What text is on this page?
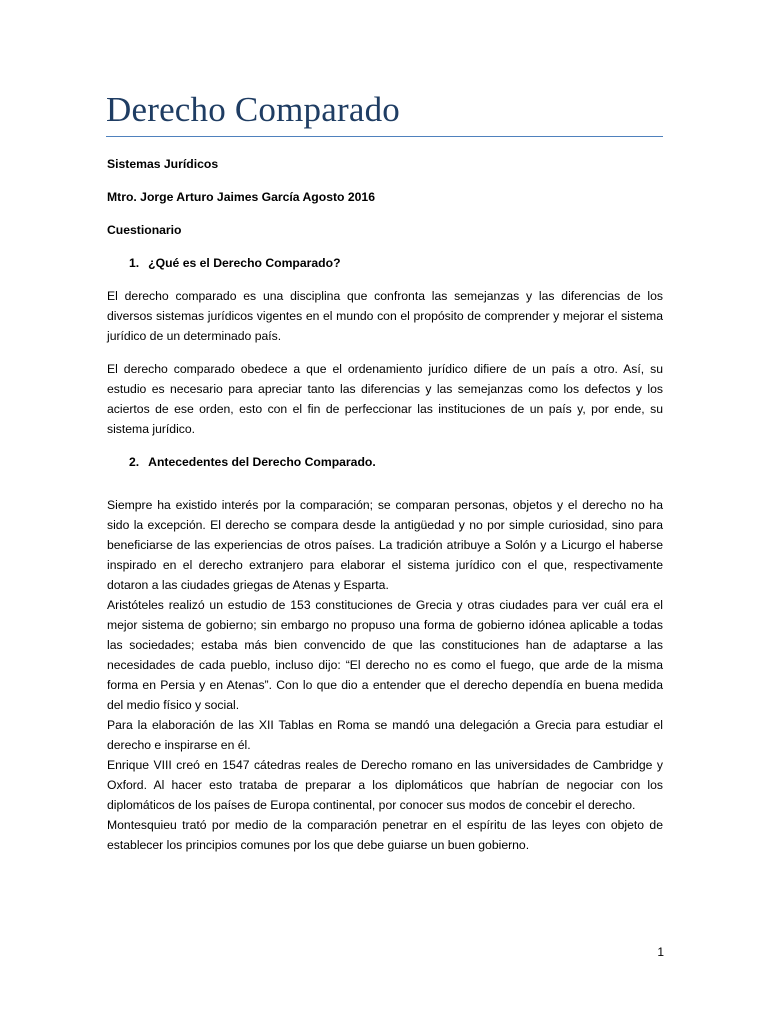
Derecho Comparado

Sistemas Jurídicos

Mtro. Jorge Arturo Jaimes García Agosto 2016

Cuestionario

1. ¿Qué es el Derecho Comparado?

El derecho comparado es una disciplina que confronta las semejanzas y las diferencias de los diversos sistemas jurídicos vigentes en el mundo con el propósito de comprender y mejorar el sistema jurídico de un determinado país.

El derecho comparado obedece a que el ordenamiento jurídico difiere de un país a otro. Así, su estudio es necesario para apreciar tanto las diferencias y las semejanzas como los defectos y los aciertos de ese orden, esto con el fin de perfeccionar las instituciones de un país y, por ende, su sistema jurídico.

2. Antecedentes del Derecho Comparado.

Siempre ha existido interés por la comparación; se comparan personas, objetos y el derecho no ha sido la excepción. El derecho se compara desde la antigüedad y no por simple curiosidad, sino para beneficiarse de las experiencias de otros países. La tradición atribuye a Solón y a Licurgo el haberse inspirado en el derecho extranjero para elaborar el sistema jurídico con el que, respectivamente dotaron a las ciudades griegas de Atenas y Esparta.

Aristóteles realizó un estudio de 153 constituciones de Grecia y otras ciudades para ver cuál era el mejor sistema de gobierno; sin embargo no propuso una forma de gobierno idónea aplicable a todas las sociedades; estaba más bien convencido de que las constituciones han de adaptarse a las necesidades de cada pueblo, incluso dijo: “El derecho no es como el fuego, que arde de la misma forma en Persia y en Atenas”. Con lo que dio a entender que el derecho dependía en buena medida del medio físico y social.

Para la elaboración de las XII Tablas en Roma se mandó una delegación a Grecia para estudiar el derecho e inspirarse en él.

Enrique VIII creó en 1547 cátedras reales de Derecho romano en las universidades de Cambridge y Oxford. Al hacer esto trataba de preparar a los diplomáticos que habrían de negociar con los diplomáticos de los países de Europa continental, por conocer sus modos de concebir el derecho.

Montesquieu trató por medio de la comparación penetrar en el espíritu de las leyes con objeto de establecer los principios comunes por los que debe guiarse un buen gobierno.

1
